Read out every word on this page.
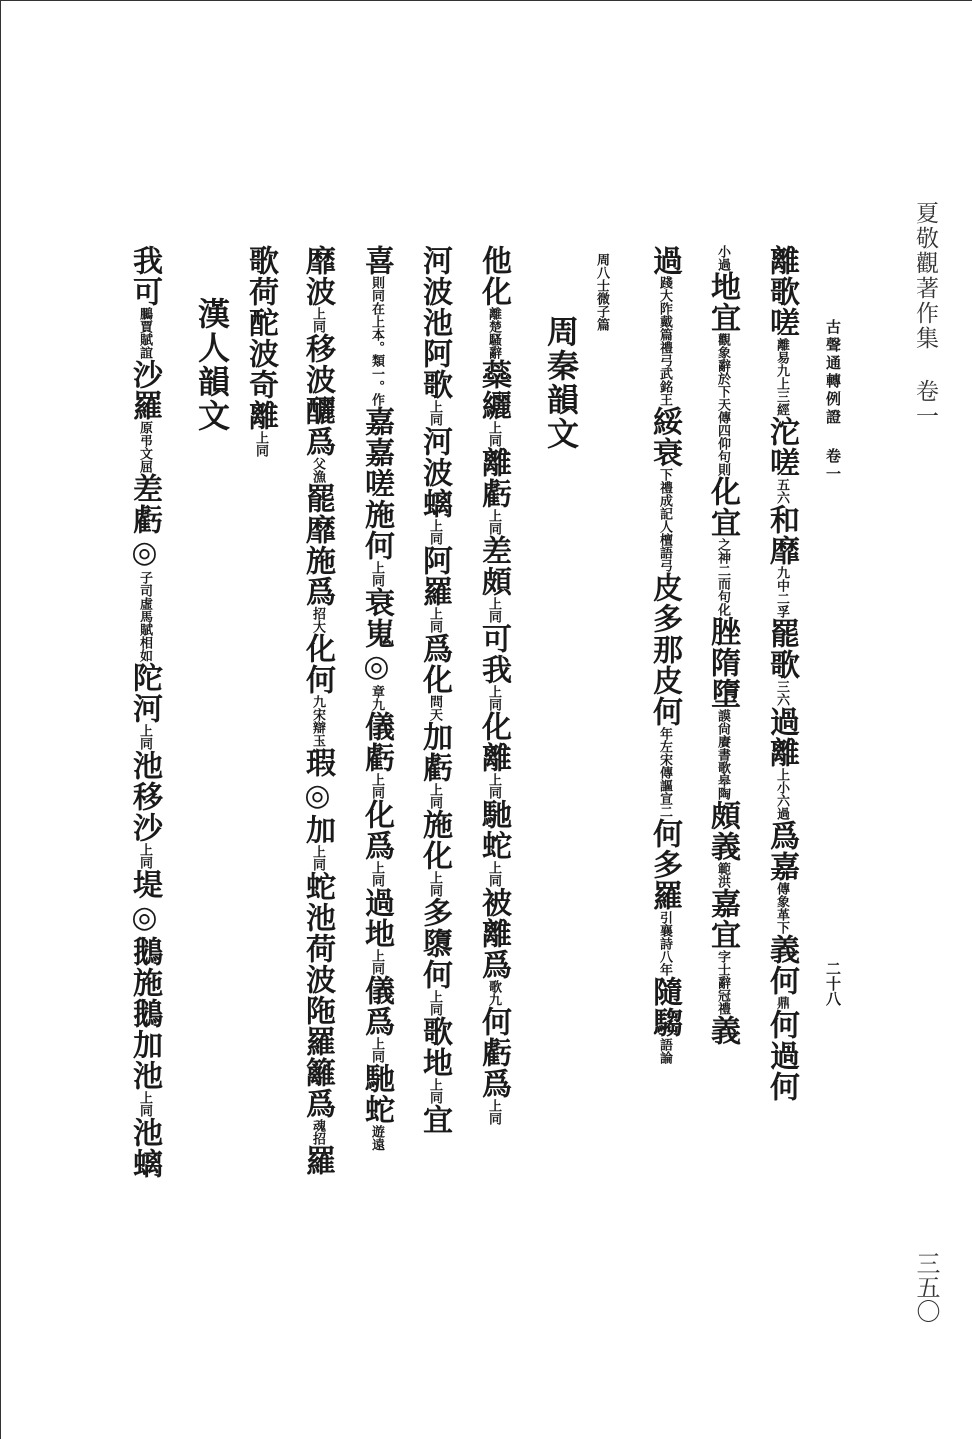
夏敬觀著作集 卷一
三五〇
古聲通轉例證 卷一
二十八
周秦韻文
漢人韻文
離歌嗟離易九上三經沱嗟五六和靡九中二孚罷歌三六過離上小六過爲嘉傳象革下義何鼎何過何
小過地宜觀象辭於下天傳四仰句則化宜之神二而句化脞隋墮謨尙賡書歌皋陶頗義範洪嘉宜字士辭冠禮義
過踐大阼戴篇禮弓武銘王綏衰下禮成記人檀語弓皮多那皮何年左宋傳謳宣二何多羅引襄詩八年隨騶語論
周八士微子篇
他化離楚騷辭蘂纚上同離虧上同差頗上同可我上同化離上同馳蛇上同被離爲歌九何虧爲上同
河波池阿歌上同河波螭上同阿羅上同爲化問天加虧上同施化上同多隳何上同歌地上同宜
喜則同在上本。類一。作嘉嘉嗟施何上同衰嵬◎章九儀虧上同化爲上同過地上同儀爲上同馳蛇遊遠
靡波上同移波釃爲父漁罷靡施爲招大化何九宋辯玉瑕◎加上同蛇池荷波陁羅籬爲魂招羅
歌荷酡波奇離上同
我可鵩賈賦誼沙羅原弔文屈差虧◎子司虛馬賦相如陀河上同池移沙上同堤◎鵝施鵝加池上同池螭
